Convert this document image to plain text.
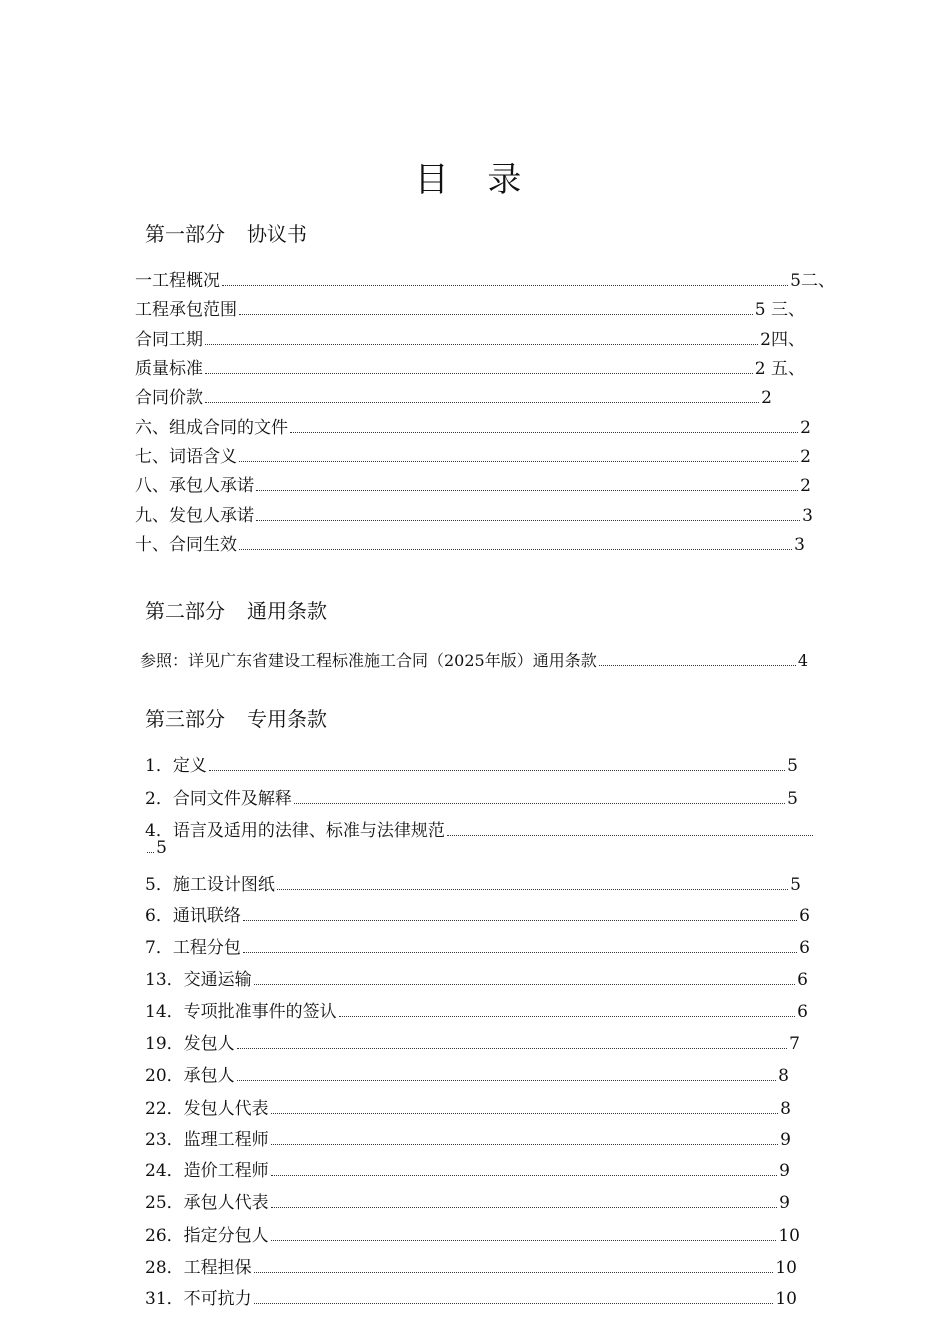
目 录
第一部分 协议书
一工程概况	5二、
工程承包范围	5 三、
合同工期	2四、
质量标准	2 五、
合同价款	2
六、组成合同的文件	2
七、词语含义	2
八、承包人承诺	2
九、发包人承诺	3
十、合同生效	3
第二部分 通用条款
参照：详见广东省建设工程标准施工合同（2025年版）通用条款	4
第三部分 专用条款
1．定义	5
2．合同文件及解释	5
4．语言及适用的法律、标准与法律规范
5
5．施工设计图纸	5
6．通讯联络	6
7．工程分包	6
13．交通运输	6
14．专项批准事件的签认	6
19．发包人	7
20．承包人	8
22．发包人代表	8
23．监理工程师	9
24．造价工程师	9
25．承包人代表	9
26．指定分包人	10
28．工程担保	10
31．不可抗力	10
